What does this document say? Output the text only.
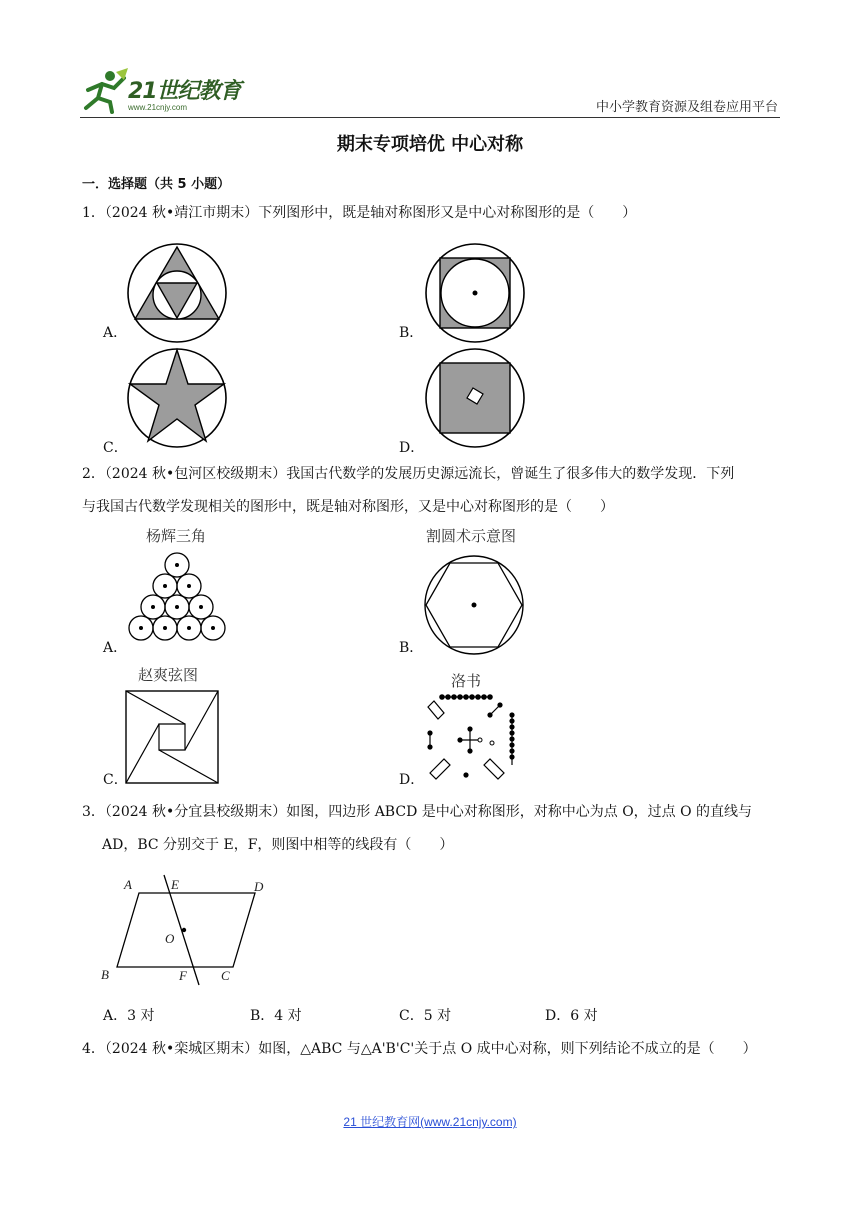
21世纪教育
www.21cnjy.com	中小学教育资源及组卷应用平台
期末专项培优 中心对称
一．选择题（共 5 小题）
1．（2024 秋•靖江市期末）下列图形中，既是轴对称图形又是中心对称图形的是（　　）
A．	B．
C．	D．
2．（2024 秋•包河区校级期末）我国古代数学的发展历史源远流长，曾诞生了很多伟大的数学发现．下列
与我国古代数学发现相关的图形中，既是轴对称图形，又是中心对称图形的是（　　）
杨辉三角
A．
割圆术示意图
B．
赵爽弦图
C．
洛书
D．
3．（2024 秋•分宜县校级期末）如图，四边形 ABCD 是中心对称图形，对称中心为点 O，过点 O 的直线与
AD，BC 分别交于 E，F，则图中相等的线段有（　　）
A	E	D
O
B	F	C
A．3 对	B．4 对	C．5 对	D．6 对
4．（2024 秋•栾城区期末）如图，△ABC 与△A'B'C'关于点 O 成中心对称，则下列结论不成立的是（　　）
21 世纪教育网(www.21cnjy.com)
